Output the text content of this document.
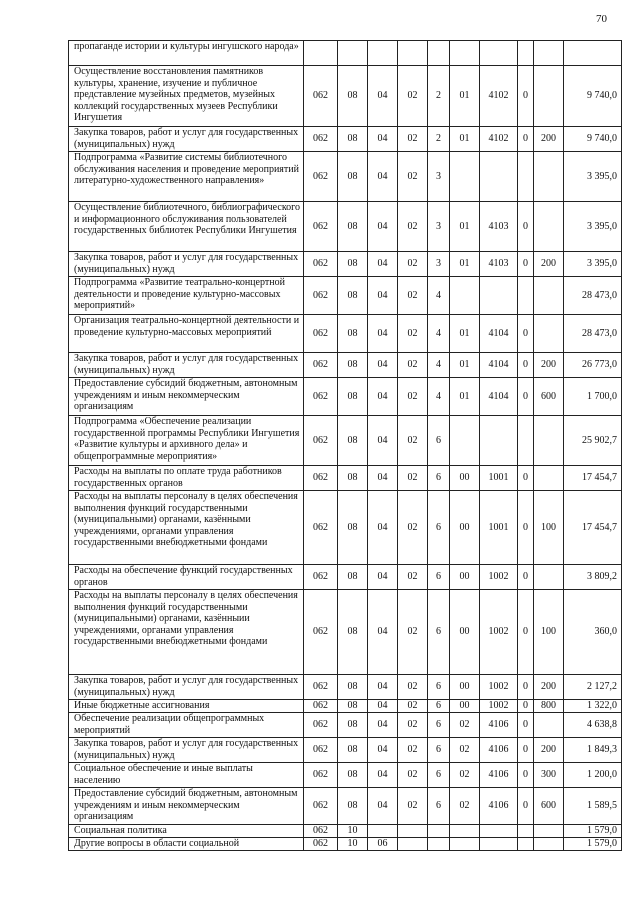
70
пропаганде истории и культуры ингушского народа»										
Осуществление восстановления памятников культуры, хранение, изучение и публичное представление музейных предметов, музейных коллекций государственных музеев Республики Ингушетия	062	08	04	02	2	01	4102	0		9 740,0
Закупка товаров, работ и услуг для государственных (муниципальных) нужд	062	08	04	02	2	01	4102	0	200	9 740,0
Подпрограмма «Развитие системы библиотечного обслуживания населения и проведение мероприятий литературно-художественного направления»	062	08	04	02	3					3 395,0
Осуществление библиотечного, библиографического и информационного обслуживания пользователей государственных библиотек Республики Ингушетия	062	08	04	02	3	01	4103	0		3 395,0
Закупка товаров, работ и услуг для государственных (муниципальных) нужд	062	08	04	02	3	01	4103	0	200	3 395,0
Подпрограмма «Развитие театрально-концертной деятельности и проведение культурно-массовых мероприятий»	062	08	04	02	4					28 473,0
Организация театрально-концертной деятельности и проведение культурно-массовых мероприятий	062	08	04	02	4	01	4104	0		28 473,0
Закупка товаров, работ и услуг для государственных (муниципальных) нужд	062	08	04	02	4	01	4104	0	200	26 773,0
Предоставление субсидий бюджетным, автономным учреждениям и иным некоммерческим организациям	062	08	04	02	4	01	4104	0	600	1 700,0
Подпрограмма «Обеспечение реализации государственной программы Республики Ингушетия «Развитие культуры и архивного дела» и общепрограммные мероприятия»	062	08	04	02	6					25 902,7
Расходы на выплаты по оплате труда работников государственных органов	062	08	04	02	6	00	1001	0		17 454,7
Расходы на выплаты персоналу в целях обеспечения выполнения функций государственными (муниципальными) органами, казёнными учреждениями, органами управления государственными внебюджетными фондами	062	08	04	02	6	00	1001	0	100	17 454,7
Расходы на обеспечение функций государственных органов	062	08	04	02	6	00	1002	0		3 809,2
Расходы на выплаты персоналу в целях обеспечения выполнения функций государственными (муниципальными) органами, казённыии учреждениями, органами управления государственными внебюджетными фондами	062	08	04	02	6	00	1002	0	100	360,0
Закупка товаров, работ и услуг для государственных (муниципальных) нужд	062	08	04	02	6	00	1002	0	200	2 127,2
Иные бюджетные ассигнования	062	08	04	02	6	00	1002	0	800	1 322,0
Обеспечение реализации общепрограммных мероприятий	062	08	04	02	6	02	4106	0		4 638,8
Закупка товаров, работ и услуг для государственных (муниципальных) нужд	062	08	04	02	6	02	4106	0	200	1 849,3
Социальное обеспечение и иные выплаты населению	062	08	04	02	6	02	4106	0	300	1 200,0
Предоставление субсидий бюджетным, автономным учреждениям и иным некоммерческим организациям	062	08	04	02	6	02	4106	0	600	1 589,5
Социальная политика	062	10								1 579,0
Другие вопросы в области социальной	062	10	06							1 579,0
